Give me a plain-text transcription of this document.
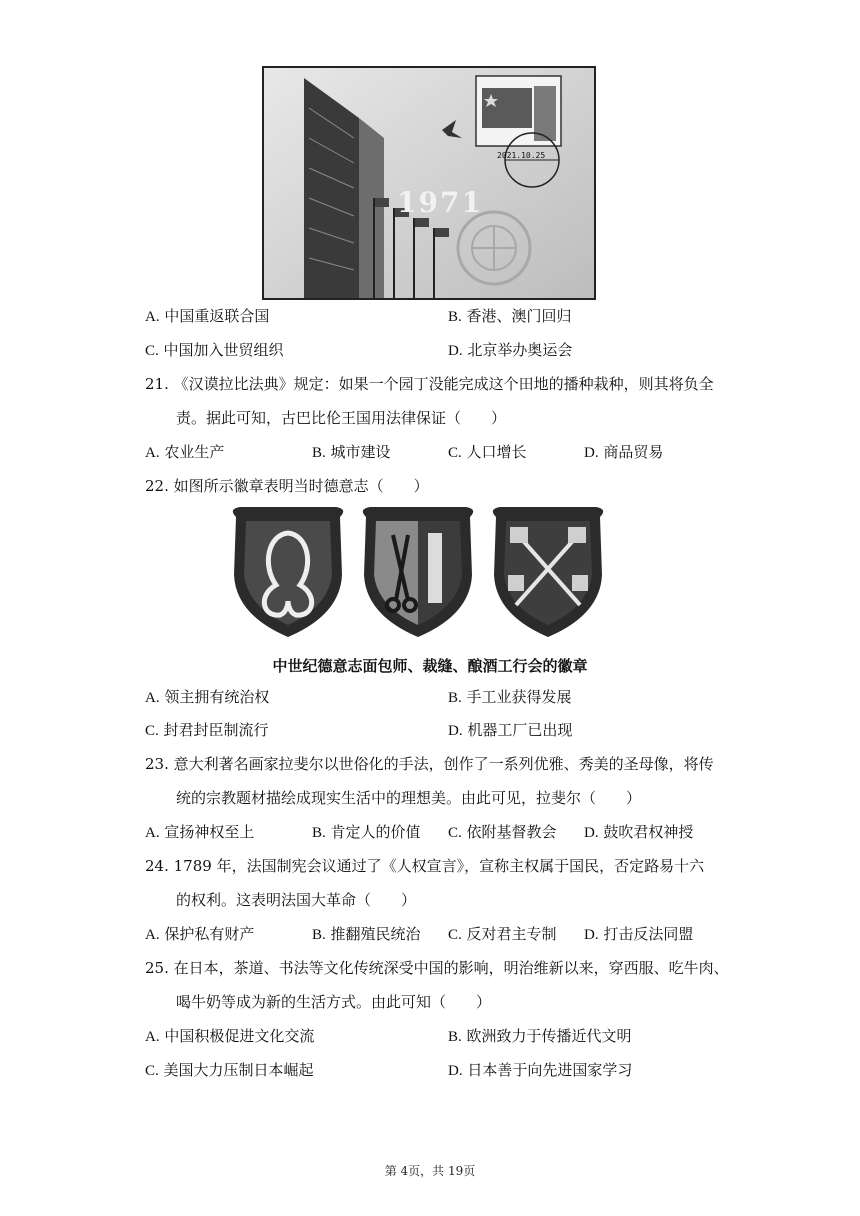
2021.10.25
1971
A. 中国重返联合国	B. 香港、澳门回归
C. 中国加入世贸组织	D. 北京举办奥运会
21. 《汉谟拉比法典》规定：如果一个园丁没能完成这个田地的播种栽种，则其将负全
责。据此可知，古巴比伦王国用法律保证（　　）
A. 农业生产	B. 城市建设	C. 人口增长	D. 商品贸易
22. 如图所示徽章表明当时德意志（　　）
中世纪德意志面包师、裁缝、酿酒工行会的徽章
A. 领主拥有统治权	B. 手工业获得发展
C. 封君封臣制流行	D. 机器工厂已出现
23. 意大利著名画家拉斐尔以世俗化的手法，创作了一系列优雅、秀美的圣母像，将传
统的宗教题材描绘成现实生活中的理想美。由此可见，拉斐尔（　　）
A. 宣扬神权至上	B. 肯定人的价值 C. 依附基督教会 D. 鼓吹君权神授
24. 1789 年，法国制宪会议通过了《人权宣言》，宣称主权属于国民，否定路易十六
的权利。这表明法国大革命（　　）
A. 保护私有财产	B. 推翻殖民统治 C. 反对君主专制 D. 打击反法同盟
25. 在日本，茶道、书法等文化传统深受中国的影响，明治维新以来，穿西服、吃牛肉、
喝牛奶等成为新的生活方式。由此可知（　　）
A. 中国积极促进文化交流	B. 欧洲致力于传播近代文明
C. 美国大力压制日本崛起	D. 日本善于向先进国家学习
第 4页，共 19页
